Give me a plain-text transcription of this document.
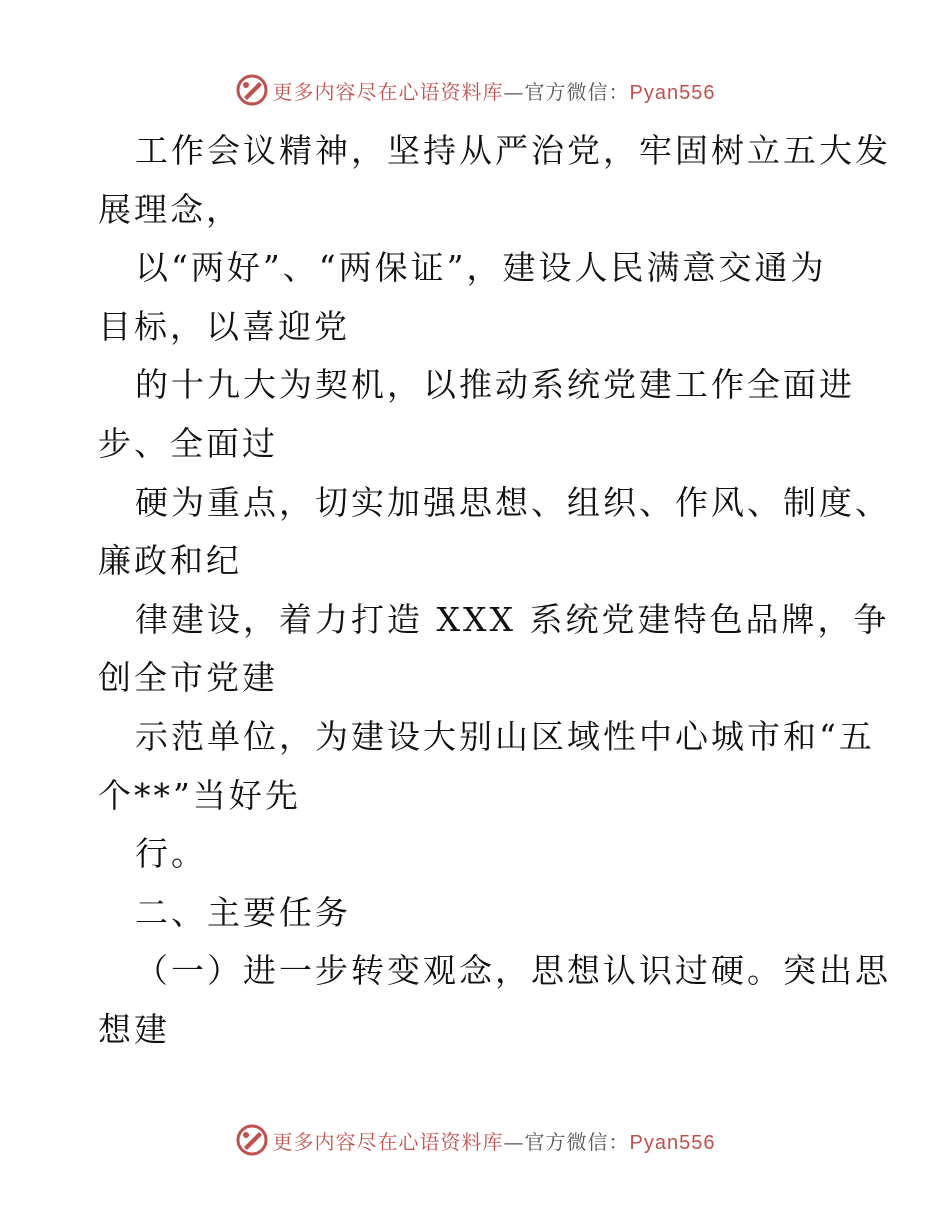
更多内容尽在心语资料库—官方微信：Pyan556
工作会议精神，坚持从严治党，牢固树立五大发
展理念，
以“两好”、“两保证”，建设人民满意交通为
目标，以喜迎党
的十九大为契机，以推动系统党建工作全面进
步、全面过
硬为重点，切实加强思想、组织、作风、制度、
廉政和纪
律建设，着力打造 XXX 系统党建特色品牌，争
创全市党建
示范单位，为建设大别山区域性中心城市和“五
个**”当好先
行。
二、主要任务
（一）进一步转变观念，思想认识过硬。突出思
想建
更多内容尽在心语资料库—官方微信：Pyan556
